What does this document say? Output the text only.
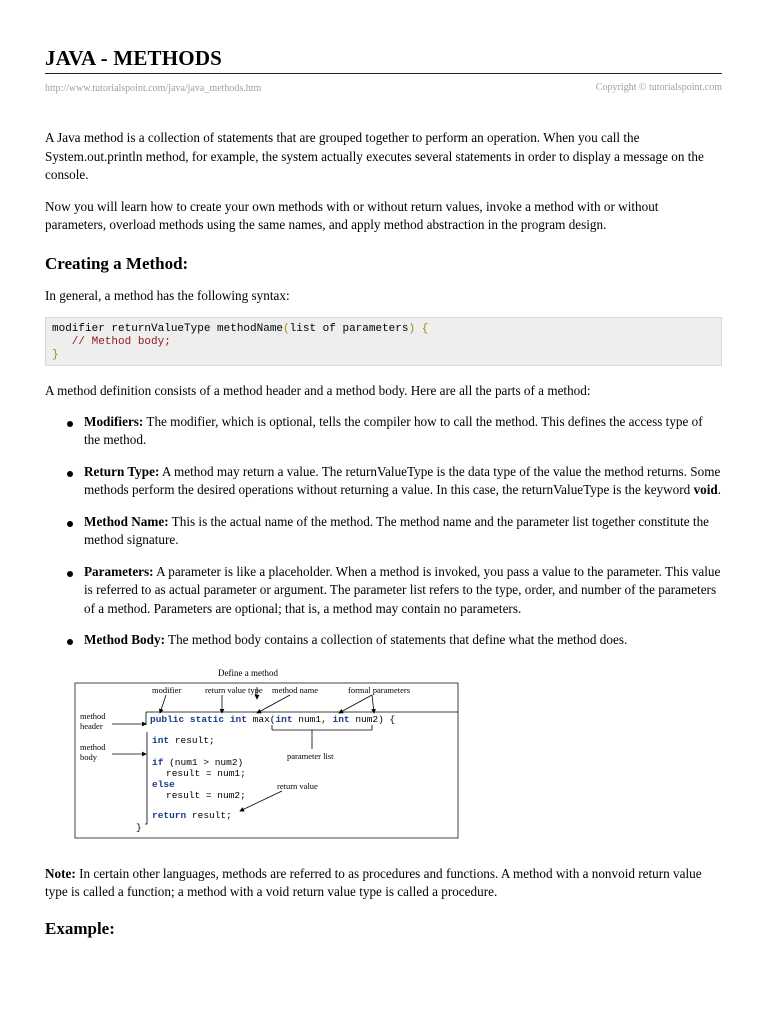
JAVA - METHODS
http://www.tutorialspoint.com/java/java_methods.htm	Copyright © tutorialspoint.com

A Java method is a collection of statements that are grouped together to perform an operation. When you call the System.out.println method, for example, the system actually executes several statements in order to display a message on the console.

Now you will learn how to create your own methods with or without return values, invoke a method with or without parameters, overload methods using the same names, and apply method abstraction in the program design.

Creating a Method:

In general, a method has the following syntax:

modifier returnValueType methodName(list of parameters) {
// Method body;
}

A method definition consists of a method header and a method body. Here are all the parts of a method:

Modifiers: The modifier, which is optional, tells the compiler how to call the method. This defines the access type of the method.
Return Type: A method may return a value. The returnValueType is the data type of the value the method returns. Some methods perform the desired operations without returning a value. In this case, the returnValueType is the keyword void.
Method Name: This is the actual name of the method. The method name and the parameter list together constitute the method signature.
Parameters: A parameter is like a placeholder. When a method is invoked, you pass a value to the parameter. This value is referred to as actual parameter or argument. The parameter list refers to the type, order, and number of the parameters of a method. Parameters are optional; that is, a method may contain no parameters.
Method Body: The method body contains a collection of statements that define what the method does.
Define a method
modifier	return value type method name	formal parameters
method
header
method
body	parameter list
return value
public static int max(int num1, int num2) {
int result;
if (num1 > num2)
result = num1;
else
result = num2;
return result;
}

Note: In certain other languages, methods are referred to as procedures and functions. A method with a nonvoid return value type is called a function; a method with a void return value type is called a procedure.

Example:
